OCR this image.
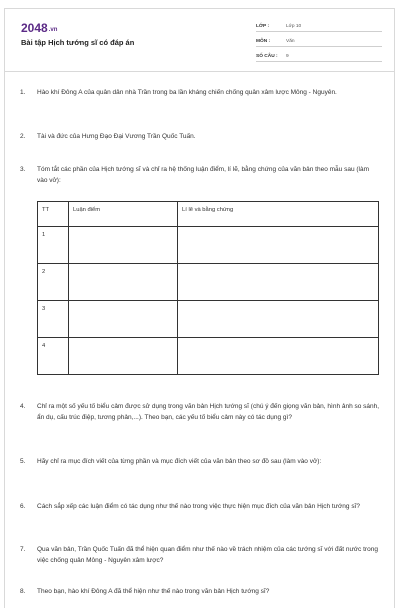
2048.vn
Bài tập Hịch tướng sĩ có đáp án
LỚP :	Lớp 10
MÔN :	Văn
SỐ CÂU :	9
1.	Hào khí Đông A của quân dân nhà Trần trong ba lần kháng chiến chống quân xâm lược Mông - Nguyên.
2.	Tài và đức của Hưng Đạo Đại Vương Trần Quốc Tuấn.
3.	Tóm tắt các phần của Hịch tướng sĩ và chỉ ra hệ thống luận điểm, lí lẽ, bằng chứng của văn bản theo mẫu sau (làm vào vở):
TT	Luận điểm	Lí lẽ và bằng chứng
1		
2		
3		
4		
4.	Chỉ ra một số yếu tố biểu cảm được sử dụng trong văn bản Hịch tướng sĩ (chú ý đến giọng văn bản, hình ảnh so sánh, ẩn dụ, cấu trúc điệp, tương phản,...). Theo bạn, các yếu tố biểu cảm này có tác dụng gì?
5.	Hãy chỉ ra mục đích viết của từng phần và mục đích viết của văn bản theo sơ đồ sau (làm vào vở):
6.	Cách sắp xếp các luận điểm có tác dụng như thế nào trong việc thực hiện mục đích của văn bản Hịch tướng sĩ?
7.	Qua văn bản, Trần Quốc Tuấn đã thể hiện quan điểm như thế nào về trách nhiệm của các tướng sĩ với đất nước trong việc chống quân Mông - Nguyên xâm lược?
8.	Theo bạn, hào khí Đông A đã thể hiện như thế nào trong văn bản Hịch tướng sĩ?
